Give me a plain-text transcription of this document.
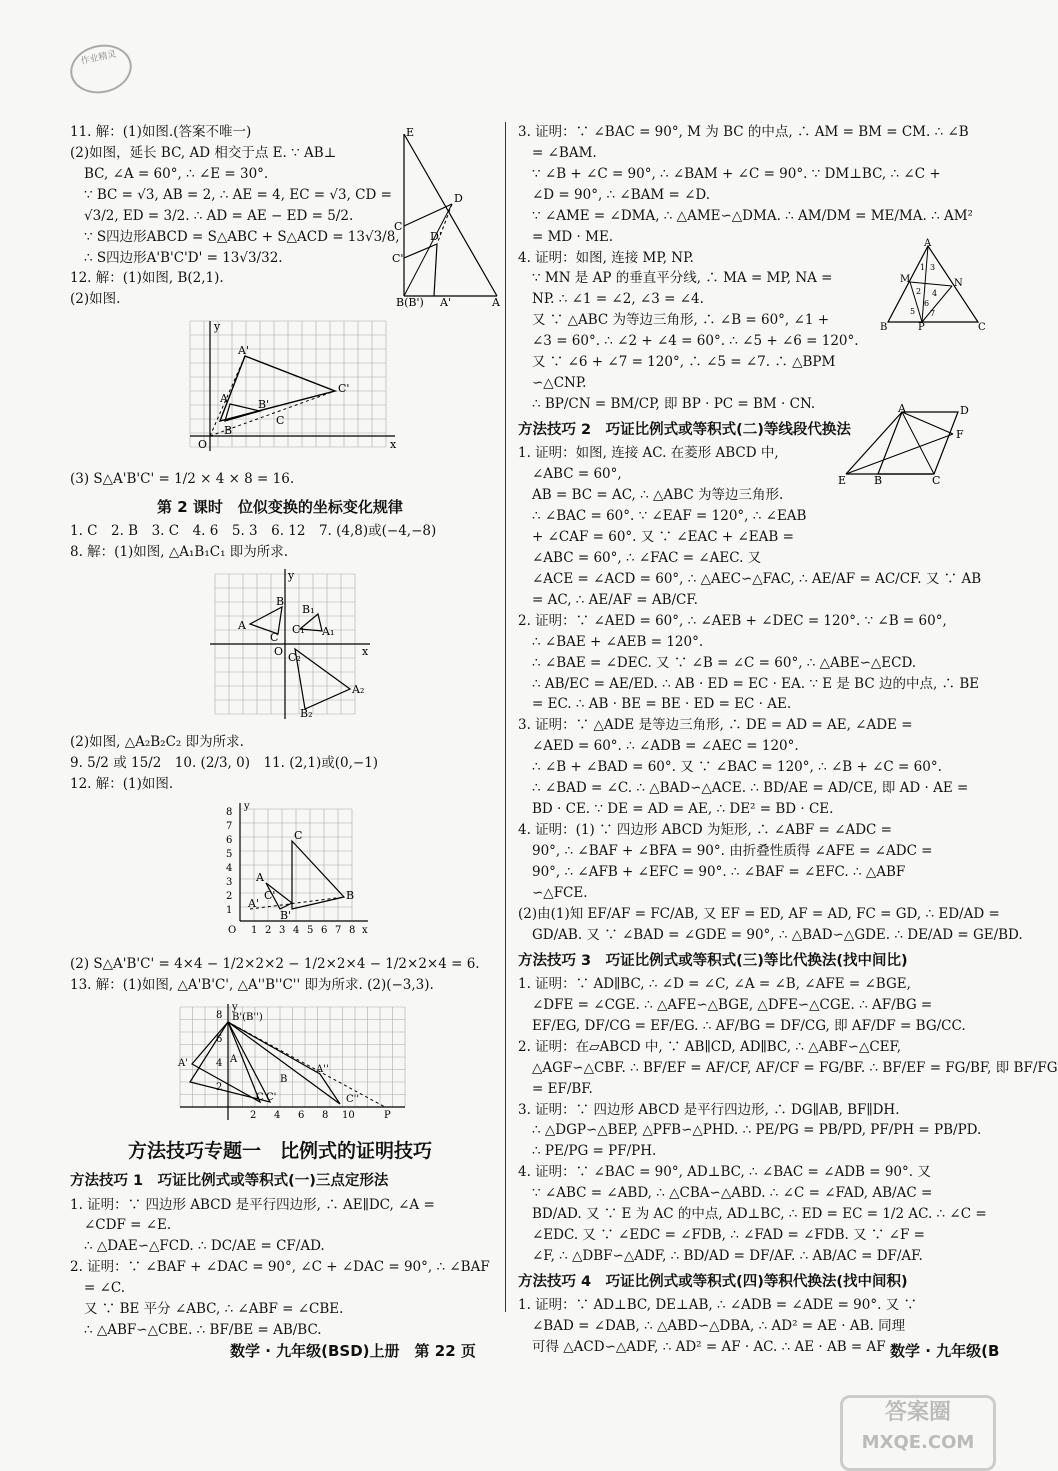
作业精灵
11. 解：(1)如图.(答案不唯一)
(2)如图，延长 BC, AD 相交于点 E. ∵ AB⊥
BC, ∠A = 60°, ∴ ∠E = 30°.
∵ BC = √3, AB = 2, ∴ AE = 4, EC = √3, CD =
√3/2, ED = 3/2. ∴ AD = AE − ED = 5/2.
∵ S四边形ABCD = S△ABC + S△ACD = 13√3/8,
∴ S四边形A'B'C'D' = 13√3/32.
12. 解：(1)如图, B(2,1).
(2)如图.
x
y
A'
A	B'
B
C
C'
O
(3) S△A'B'C' = 1/2 × 4 × 8 = 16.
第 2 课时　位似变换的坐标变化规律
1. C　2. B　3. C　4. 6　5. 3　6. 12　7. (4,8)或(−4,−8)
8. 解：(1)如图, △A₁B₁C₁ 即为所求.
A
B
C	A₁
B₁
C₁
A₂
B₂
C₂
O	x
y
(2)如图, △A₂B₂C₂ 即为所求.
9. 5/2 或 15/2　10. (2/3, 0)　11. (2,1)或(0,−1)
12. 解：(1)如图.
8
7
6
5
4
3
2
1
O 1 2 3 4 5 6 7 8 x
y
C
A
C'	B
A'
B'
(2) S△A'B'C' = 4×4 − 1/2×2×2 − 1/2×2×4 − 1/2×2×4 = 6.
13. 解：(1)如图, △A'B'C', △A''B''C'' 即为所求. (2)(−3,3).
8
6
4
2
2 4 6 8 10
y
B'(B'')
A'	A
C
B
A''
C''
C'
P
方法技巧专题一　比例式的证明技巧
方法技巧 1　巧证比例式或等积式(一)三点定形法
1. 证明：∵ 四边形 ABCD 是平行四边形, ∴ AE∥DC, ∠A =
∠CDF = ∠E.
∴ △DAE∽△FCD. ∴ DC/AE = CF/AD.
2. 证明：∵ ∠BAF + ∠DAC = 90°, ∠C + ∠DAC = 90°, ∴ ∠BAF
= ∠C.
又 ∵ BE 平分 ∠ABC, ∴ ∠ABF = ∠CBE.
∴ △ABF∽△CBE. ∴ BF/BE = AB/BC.
E
D
D'
C
C'
B(B') A'	A
3. 证明：∵ ∠BAC = 90°, M 为 BC 的中点, ∴ AM = BM = CM. ∴ ∠B
= ∠BAM.
∵ ∠B + ∠C = 90°, ∴ ∠BAM + ∠C = 90°. ∵ DM⊥BC, ∴ ∠C +
∠D = 90°, ∴ ∠BAM = ∠D.
∵ ∠AME = ∠DMA, ∴ △AME∽△DMA. ∴ AM/DM = ME/MA. ∴ AM²
= MD · ME.
4. 证明：如图, 连接 MP, NP.
∵ MN 是 AP 的垂直平分线, ∴ MA = MP, NA =
NP. ∴ ∠1 = ∠2, ∠3 = ∠4.
又 ∵ △ABC 为等边三角形, ∴ ∠B = 60°, ∠1 +
∠3 = 60°. ∴ ∠2 + ∠4 = 60°. ∴ ∠5 + ∠6 = 120°.
又 ∵ ∠6 + ∠7 = 120°, ∴ ∠5 = ∠7. ∴ △BPM
∽△CNP.
∴ BP/CN = BM/CP, 即 BP · PC = BM · CN.
方法技巧 2　巧证比例式或等积式(二)等线段代换法
1. 证明：如图, 连接 AC. 在菱形 ABCD 中,
∠ABC = 60°,
AB = BC = AC, ∴ △ABC 为等边三角形.
∴ ∠BAC = 60°. ∵ ∠EAF = 120°, ∴ ∠EAB
+ ∠CAF = 60°. 又 ∵ ∠EAC + ∠EAB =
∠ABC = 60°, ∴ ∠FAC = ∠AEC. 又
∠ACE = ∠ACD = 60°, ∴ △AEC∽△FAC, ∴ AE/AF = AC/CF. 又 ∵ AB
= AC, ∴ AE/AF = AB/CF.
2. 证明：∵ ∠AED = 60°, ∴ ∠AEB + ∠DEC = 120°. ∵ ∠B = 60°,
∴ ∠BAE + ∠AEB = 120°.
∴ ∠BAE = ∠DEC. 又 ∵ ∠B = ∠C = 60°, ∴ △ABE∽△ECD.
∴ AB/EC = AE/ED. ∴ AB · ED = EC · EA. ∵ E 是 BC 边的中点, ∴ BE
= EC. ∴ AB · BE = BE · ED = EC · AE.
3. 证明：∵ △ADE 是等边三角形, ∴ DE = AD = AE, ∠ADE =
∠AED = 60°. ∴ ∠ADB = ∠AEC = 120°.
∴ ∠B + ∠BAD = 60°. 又 ∵ ∠BAC = 120°, ∴ ∠B + ∠C = 60°.
∴ ∠BAD = ∠C. ∴ △BAD∽△ACE. ∴ BD/AE = AD/CE, 即 AD · AE =
BD · CE. ∵ DE = AD = AE, ∴ DE² = BD · CE.
4. 证明：(1) ∵ 四边形 ABCD 为矩形, ∴ ∠ABF = ∠ADC =
90°, ∴ ∠BAF + ∠BFA = 90°. 由折叠性质得 ∠AFE = ∠ADC =
90°, ∴ ∠AFB + ∠EFC = 90°. ∴ ∠BAF = ∠EFC. ∴ △ABF
∽△FCE.
(2)由(1)知 EF/AF = FC/AB, 又 EF = ED, AF = AD, FC = GD, ∴ ED/AD =
GD/AB. 又 ∵ ∠BAD = ∠GDE = 90°, ∴ △BAD∽△GDE. ∴ DE/AD = GE/BD.
方法技巧 3　巧证比例式或等积式(三)等比代换法(找中间比)
1. 证明：∵ AD∥BC, ∴ ∠D = ∠C, ∠A = ∠B, ∠AFE = ∠BGE,
∠DFE = ∠CGE. ∴ △AFE∽△BGE, △DFE∽△CGE. ∴ AF/BG =
EF/EG, DF/CG = EF/EG. ∴ AF/BG = DF/CG, 即 AF/DF = BG/CC.
2. 证明：在▱ABCD 中, ∵ AB∥CD, AD∥BC, ∴ △ABF∽△CEF,
△AGF∽△CBF. ∴ BF/EF = AF/CF, AF/CF = FG/BF. ∴ BF/EF = FG/BF, 即 BF/FG
= EF/BF.
3. 证明：∵ 四边形 ABCD 是平行四边形, ∴ DG∥AB, BF∥DH.
∴ △DGP∽△BEP, △PFB∽△PHD. ∴ PE/PG = PB/PD, PF/PH = PB/PD.
∴ PE/PG = PF/PH.
4. 证明：∵ ∠BAC = 90°, AD⊥BC, ∴ ∠BAC = ∠ADB = 90°. 又
∵ ∠ABC = ∠ABD, ∴ △CBA∽△ABD. ∴ ∠C = ∠FAD, AB/AC =
BD/AD. 又 ∵ E 为 AC 的中点, AD⊥BC, ∴ ED = EC = 1/2 AC. ∴ ∠C =
∠EDC. 又 ∵ ∠EDC = ∠FDB, ∴ ∠FAD = ∠FDB. 又 ∵ ∠F =
∠F, ∴ △DBF∽△ADF, ∴ BD/AD = DF/AF. ∴ AB/AC = DF/AF.
方法技巧 4　巧证比例式或等积式(四)等积代换法(找中间积)
1. 证明：∵ AD⊥BC, DE⊥AB, ∴ ∠ADB = ∠ADE = 90°. 又 ∵
∠BAD = ∠DAB, ∴ △ABD∽△DBA, ∴ AD² = AE · AB. 同理
可得 △ACD∽△ADF, ∴ AD² = AF · AC. ∴ AE · AB = AF
A
M	N
B	P	C
1
2
3
4
5
6
7
A	D
F
E	B	C
数学 · 九年级(BSD)上册　第 22 页	数学 · 九年级(B
答案圈
MXQE.COM
